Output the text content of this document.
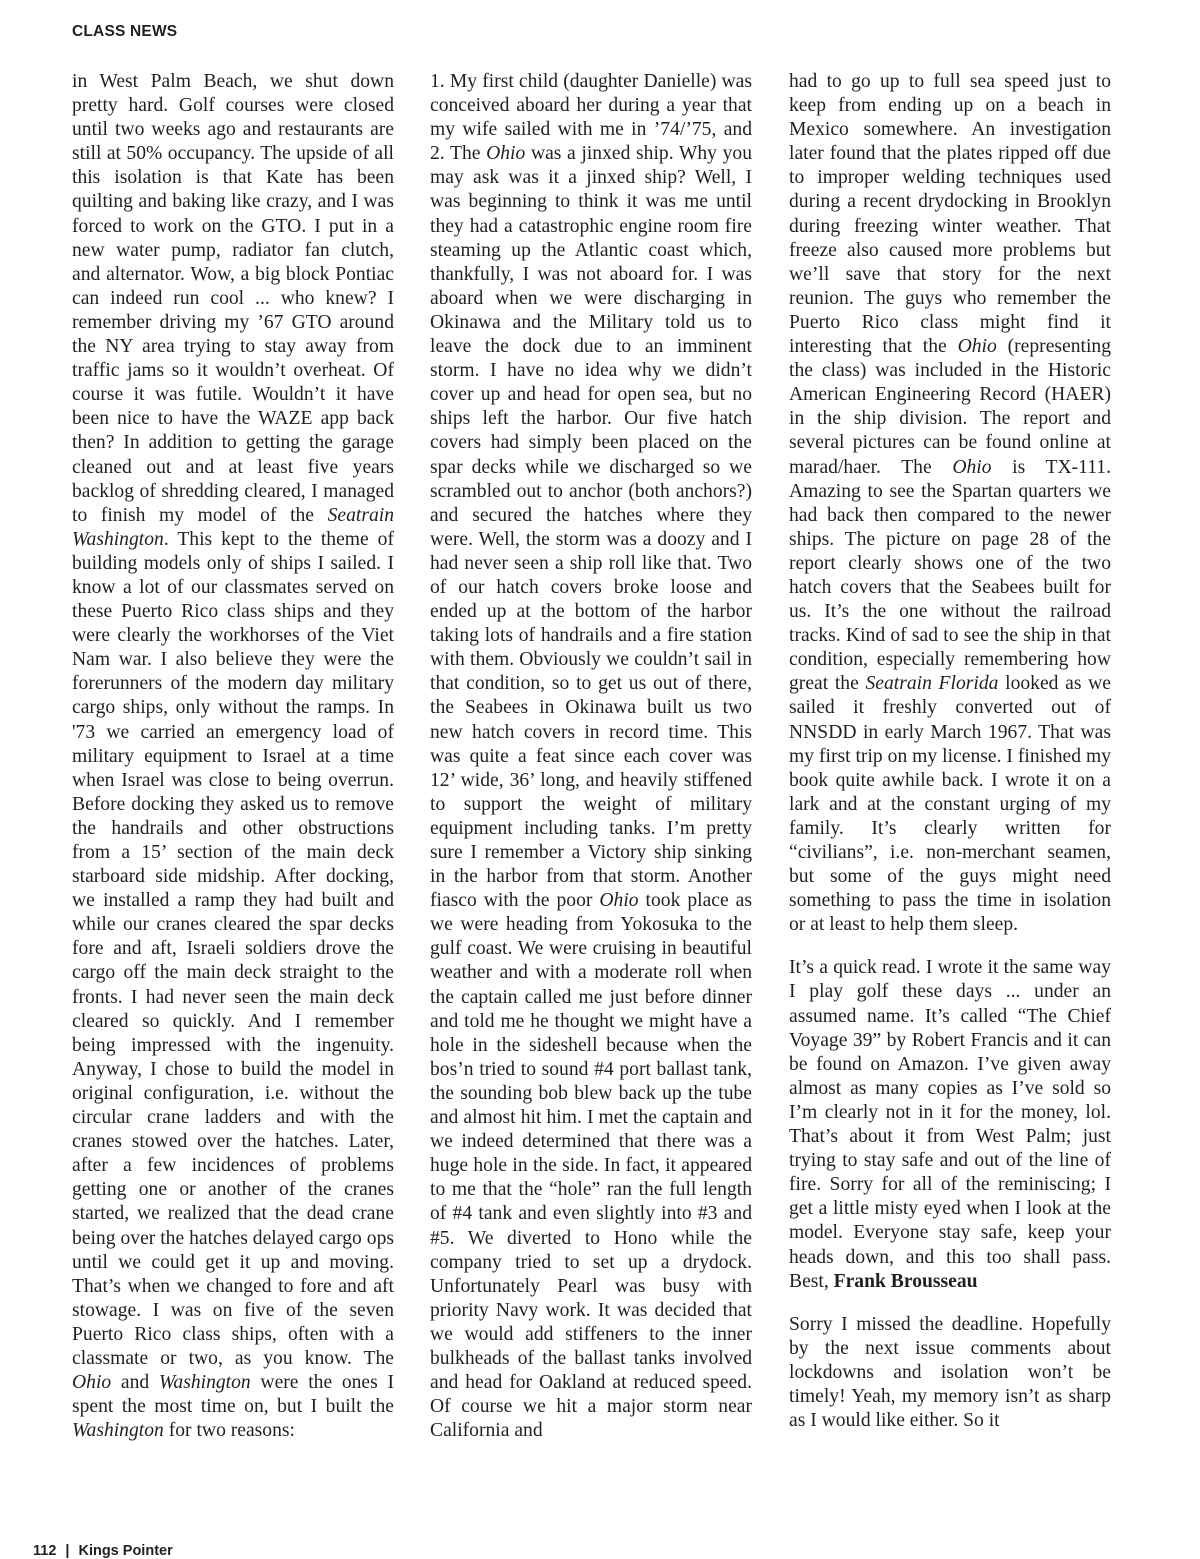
CLASS NEWS

in West Palm Beach, we shut down pretty hard. Golf courses were closed until two weeks ago and restaurants are still at 50% occupancy. The upside of all this isolation is that Kate has been quilting and baking like crazy, and I was forced to work on the GTO. I put in a new water pump, radiator fan clutch, and alternator. Wow, a big block Pontiac can indeed run cool ... who knew? I remember driving my ’67 GTO around the NY area trying to stay away from traffic jams so it wouldn’t overheat. Of course it was futile. Wouldn’t it have been nice to have the WAZE app back then? In addition to getting the garage cleaned out and at least five years backlog of shredding cleared, I managed to finish my model of the Seatrain Washington. This kept to the theme of building models only of ships I sailed. I know a lot of our classmates served on these Puerto Rico class ships and they were clearly the workhorses of the Viet Nam war. I also believe they were the forerunners of the modern day military cargo ships, only without the ramps. In '73 we carried an emergency load of military equipment to Israel at a time when Israel was close to being overrun. Before docking they asked us to remove the handrails and other obstructions from a 15’ section of the main deck starboard side midship. After docking, we installed a ramp they had built and while our cranes cleared the spar decks fore and aft, Israeli soldiers drove the cargo off the main deck straight to the fronts. I had never seen the main deck cleared so quickly. And I remember being impressed with the ingenuity. Anyway, I chose to build the model in original configuration, i.e. without the circular crane ladders and with the cranes stowed over the hatches. Later, after a few incidences of problems getting one or another of the cranes started, we realized that the dead crane being over the hatches delayed cargo ops until we could get it up and moving. That’s when we changed to fore and aft stowage. I was on five of the seven Puerto Rico class ships, often with a classmate or two, as you know. The Ohio and Washington were the ones I spent the most time on, but I built the Washington for two reasons:

1. My first child (daughter Danielle) was conceived aboard her during a year that my wife sailed with me in ’74/’75, and 2. The Ohio was a jinxed ship. Why you may ask was it a jinxed ship? Well, I was beginning to think it was me until they had a catastrophic engine room fire steaming up the Atlantic coast which, thankfully, I was not aboard for. I was aboard when we were discharging in Okinawa and the Military told us to leave the dock due to an imminent storm. I have no idea why we didn’t cover up and head for open sea, but no ships left the harbor. Our five hatch covers had simply been placed on the spar decks while we discharged so we scrambled out to anchor (both anchors?) and secured the hatches where they were. Well, the storm was a doozy and I had never seen a ship roll like that. Two of our hatch covers broke loose and ended up at the bottom of the harbor taking lots of handrails and a fire station with them. Obviously we couldn’t sail in that condition, so to get us out of there, the Seabees in Okinawa built us two new hatch covers in record time. This was quite a feat since each cover was 12’ wide, 36’ long, and heavily stiffened to support the weight of military equipment including tanks. I’m pretty sure I remember a Victory ship sinking in the harbor from that storm. Another fiasco with the poor Ohio took place as we were heading from Yokosuka to the gulf coast. We were cruising in beautiful weather and with a moderate roll when the captain called me just before dinner and told me he thought we might have a hole in the sideshell because when the bos’n tried to sound #4 port ballast tank, the sounding bob blew back up the tube and almost hit him. I met the captain and we indeed determined that there was a huge hole in the side. In fact, it appeared to me that the “hole” ran the full length of #4 tank and even slightly into #3 and #5. We diverted to Hono while the company tried to set up a drydock. Unfortunately Pearl was busy with priority Navy work. It was decided that we would add stiffeners to the inner bulkheads of the ballast tanks involved and head for Oakland at reduced speed. Of course we hit a major storm near California and

had to go up to full sea speed just to keep from ending up on a beach in Mexico somewhere. An investigation later found that the plates ripped off due to improper welding techniques used during a recent drydocking in Brooklyn during freezing winter weather. That freeze also caused more problems but we’ll save that story for the next reunion. The guys who remember the Puerto Rico class might find it interesting that the Ohio (representing the class) was included in the Historic American Engineering Record (HAER) in the ship division. The report and several pictures can be found online at marad/haer. The Ohio is TX-111. Amazing to see the Spartan quarters we had back then compared to the newer ships. The picture on page 28 of the report clearly shows one of the two hatch covers that the Seabees built for us. It’s the one without the railroad tracks. Kind of sad to see the ship in that condition, especially remembering how great the Seatrain Florida looked as we sailed it freshly converted out of NNSDD in early March 1967. That was my first trip on my license. I finished my book quite awhile back. I wrote it on a lark and at the constant urging of my family. It’s clearly written for “civilians”, i.e. non-merchant seamen, but some of the guys might need something to pass the time in isolation or at least to help them sleep.

It’s a quick read. I wrote it the same way I play golf these days ... under an assumed name. It’s called “The Chief Voyage 39” by Robert Francis and it can be found on Amazon. I’ve given away almost as many copies as I’ve sold so I’m clearly not in it for the money, lol. That’s about it from West Palm; just trying to stay safe and out of the line of fire. Sorry for all of the reminiscing; I get a little misty eyed when I look at the model. Everyone stay safe, keep your heads down, and this too shall pass. Best, Frank Brousseau

Sorry I missed the deadline. Hopefully by the next issue comments about lockdowns and isolation won’t be timely! Yeah, my memory isn’t as sharp as I would like either. So it

112 | Kings Pointer
